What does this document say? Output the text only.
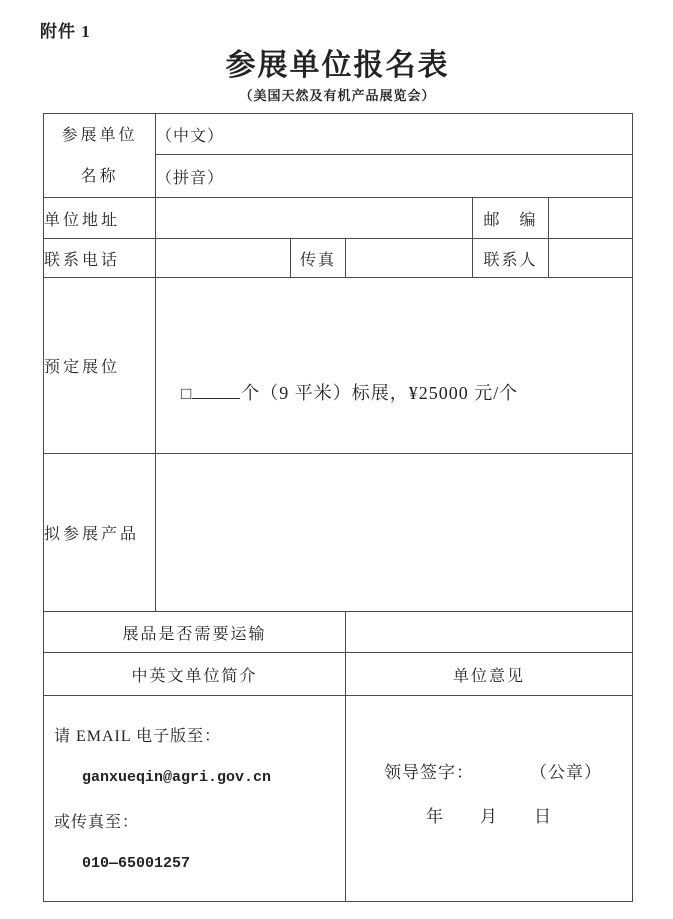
附件 1
参展单位报名表
（美国天然及有机产品展览会）
参展单位
名称	（中文）				
	（拼音）				
单位地址				邮　编	
联系电话		传真		联系人	
预定展位	□ 个（9 平米）标展，¥25000 元/个				

拟参展产品					
展品是否需要运输					
中英文单位简介			单位意见		

请 EMAIL 电子版至：
ganxueqin@agri.gov.cn
或传真至：
010—65001257

领导签字：	（公章）
年　　月　　日
